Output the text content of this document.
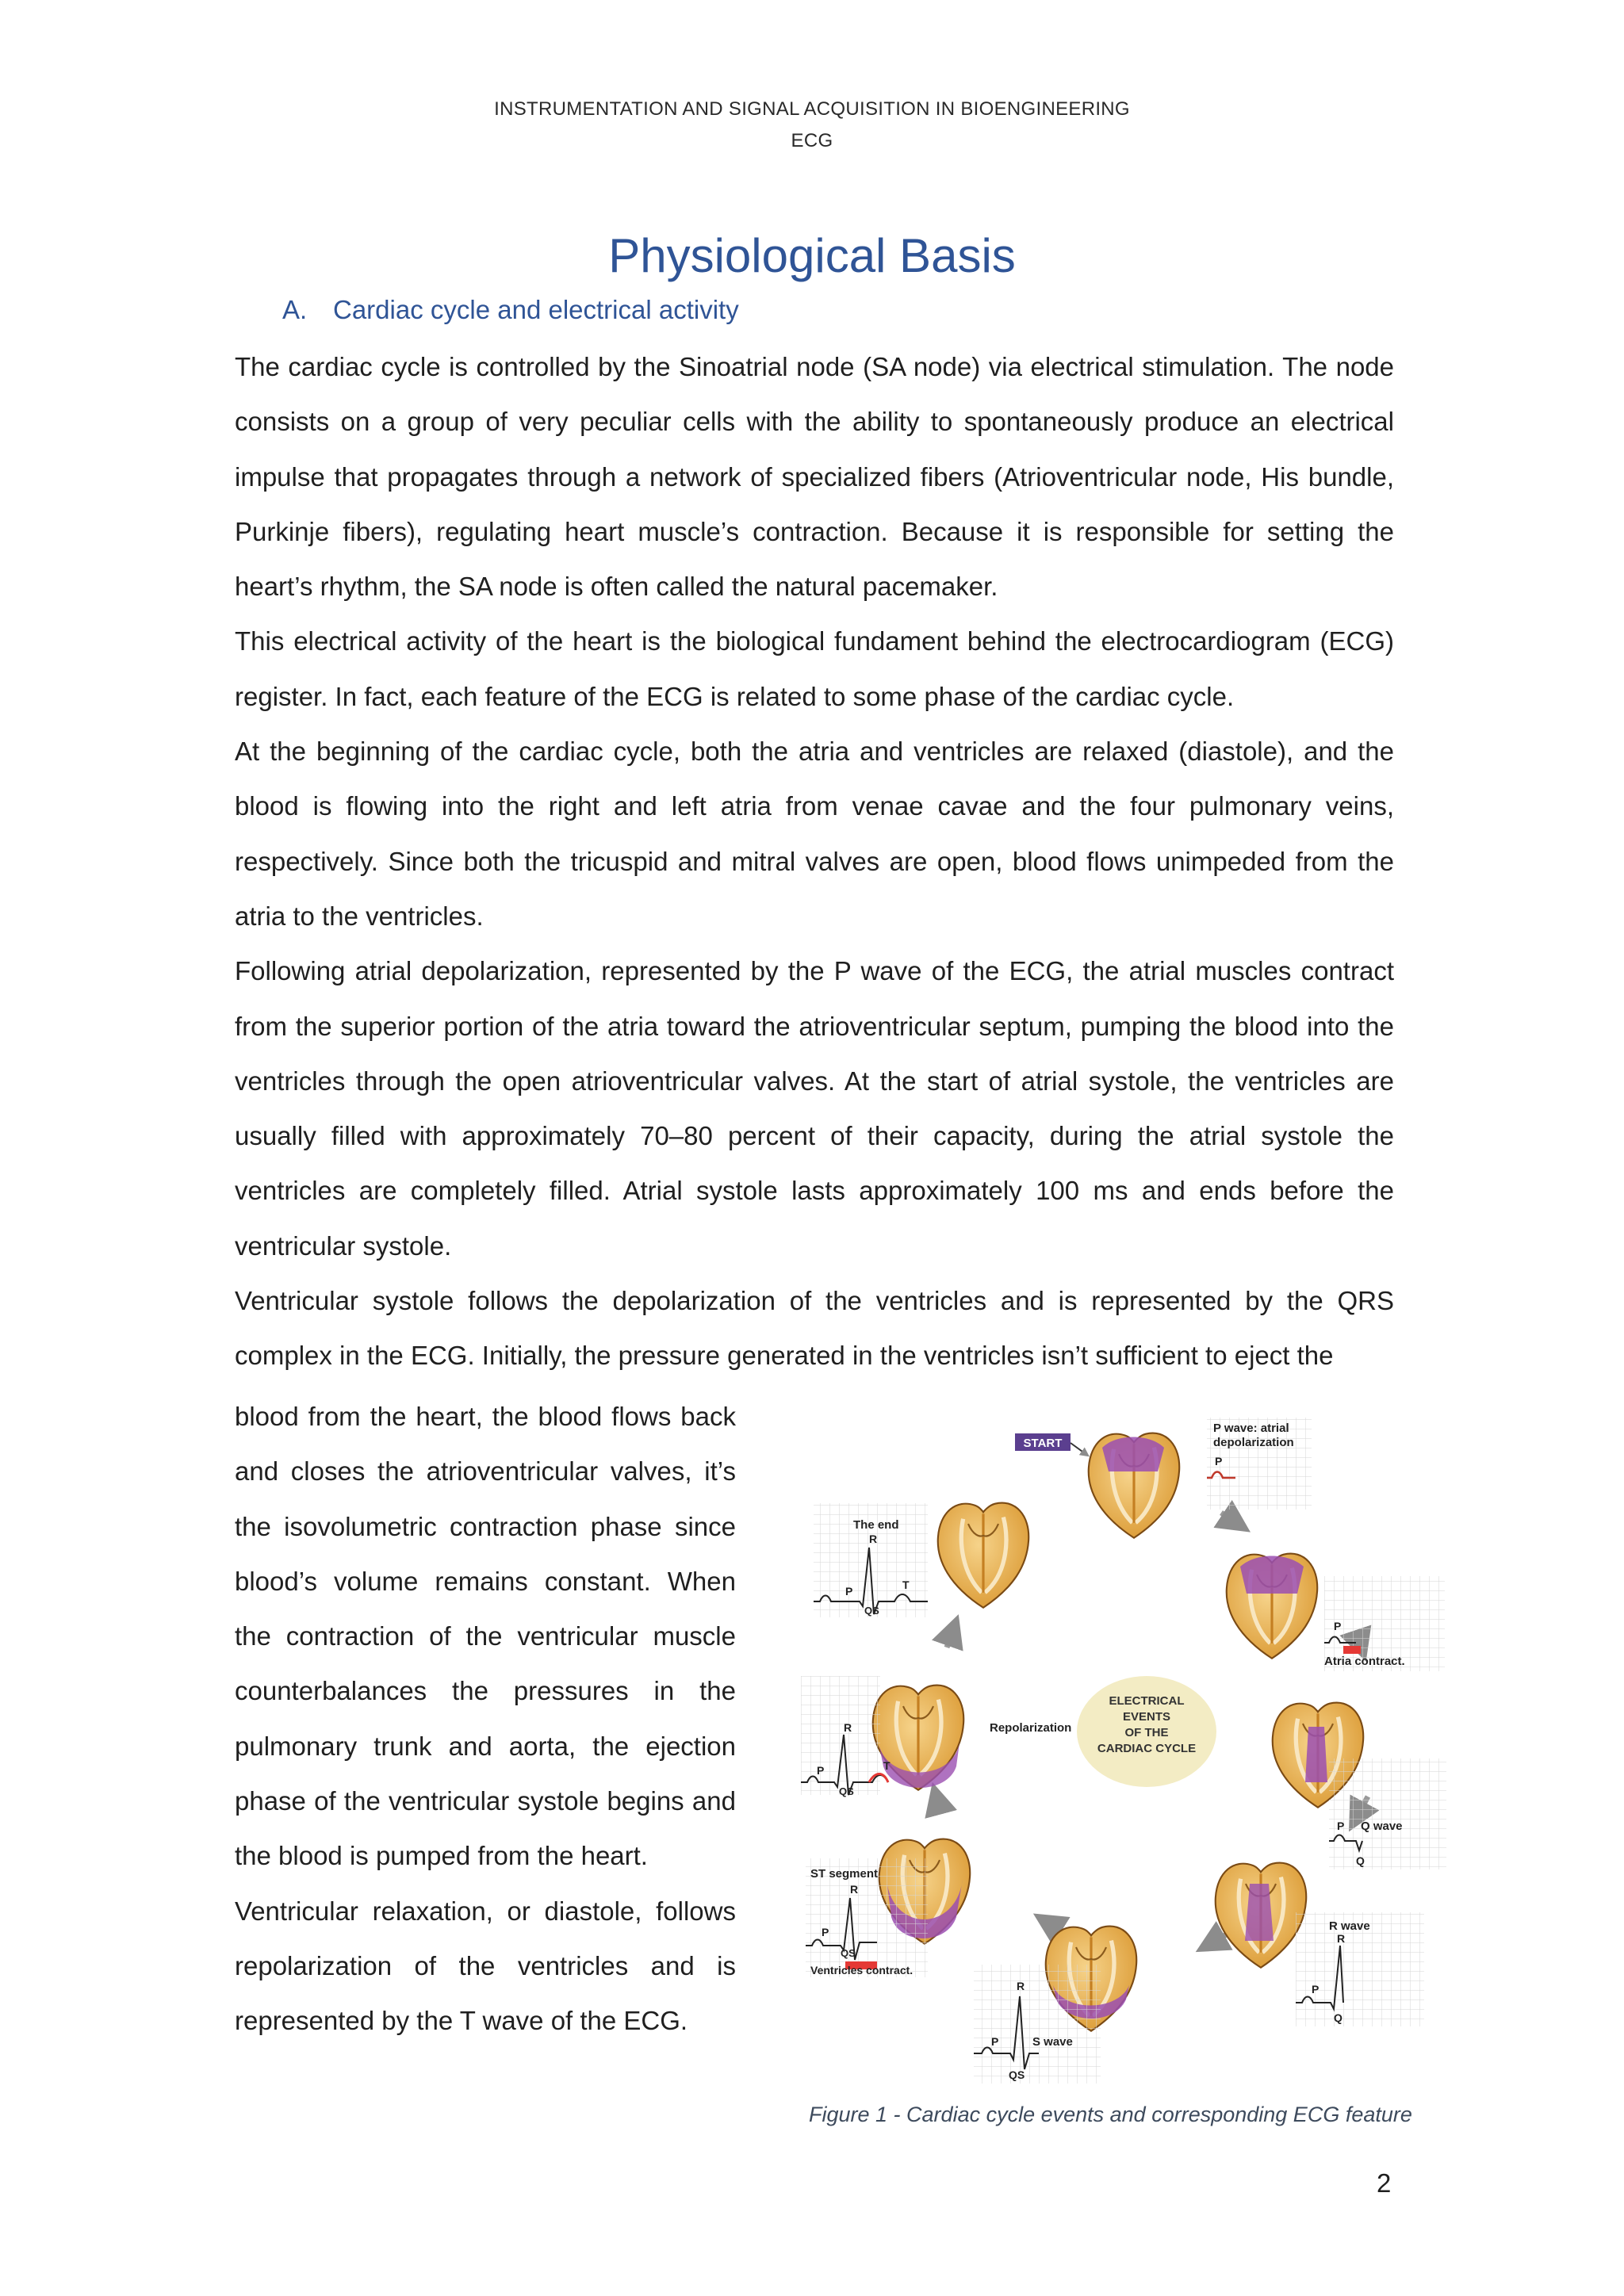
INSTRUMENTATION AND SIGNAL ACQUISITION IN BIOENGINEERING
ECG
Physiological Basis
A. Cardiac cycle and electrical activity

The cardiac cycle is controlled by the Sinoatrial node (SA node) via electrical stimulation. The node consists on a group of very peculiar cells with the ability to spontaneously produce an electrical impulse that propagates through a network of specialized fibers (Atrioventricular node, His bundle, Purkinje fibers), regulating heart muscle’s contraction. Because it is responsible for setting the heart’s rhythm, the SA node is often called the natural pacemaker.

This electrical activity of the heart is the biological fundament behind the electrocardiogram (ECG) register. In fact, each feature of the ECG is related to some phase of the cardiac cycle.

At the beginning of the cardiac cycle, both the atria and ventricles are relaxed (diastole), and the blood is flowing into the right and left atria from venae cavae and the four pulmonary veins, respectively. Since both the tricuspid and mitral valves are open, blood flows unimpeded from the atria to the ventricles.

Following atrial depolarization, represented by the P wave of the ECG, the atrial muscles contract from the superior portion of the atria toward the atrioventricular septum, pumping the blood into the ventricles through the open atrioventricular valves. At the start of atrial systole, the ventricles are usually filled with approximately 70–80 percent of their capacity, during the atrial systole the ventricles are completely filled. Atrial systole lasts approximately 100 ms and ends before the ventricular systole.

Ventricular systole follows the depolarization of the ventricles and is represented by the QRS complex in the ECG. Initially, the pressure generated in the ventricles isn’t sufficient to eject the

blood from the heart, the blood flows back and closes the atrioventricular valves, it’s the isovolumetric contraction phase since blood’s volume remains constant. When the contraction of the ventricular muscle counterbalances the pressures in the pulmonary trunk and aorta, the ejection phase of the ventricular systole begins and the blood is pumped from the heart.

Ventricular relaxation, or diastole, follows repolarization of the ventricles and is represented by the T wave of the ECG.

ELECTRICAL
EVENTS
OF THE
CARDIAC CYCLE
START
P wave: atrial
depolarization
P
P
Atria contract.
P Q wave
Q
R wave
R
P
Q
R
P	S wave
QS
ST segment
R
P
QS
Ventricles contract.
R
P	T
QS
Repolarization
The end
R
P	T
QS
Figure 1 - Cardiac cycle events and corresponding ECG feature
2
